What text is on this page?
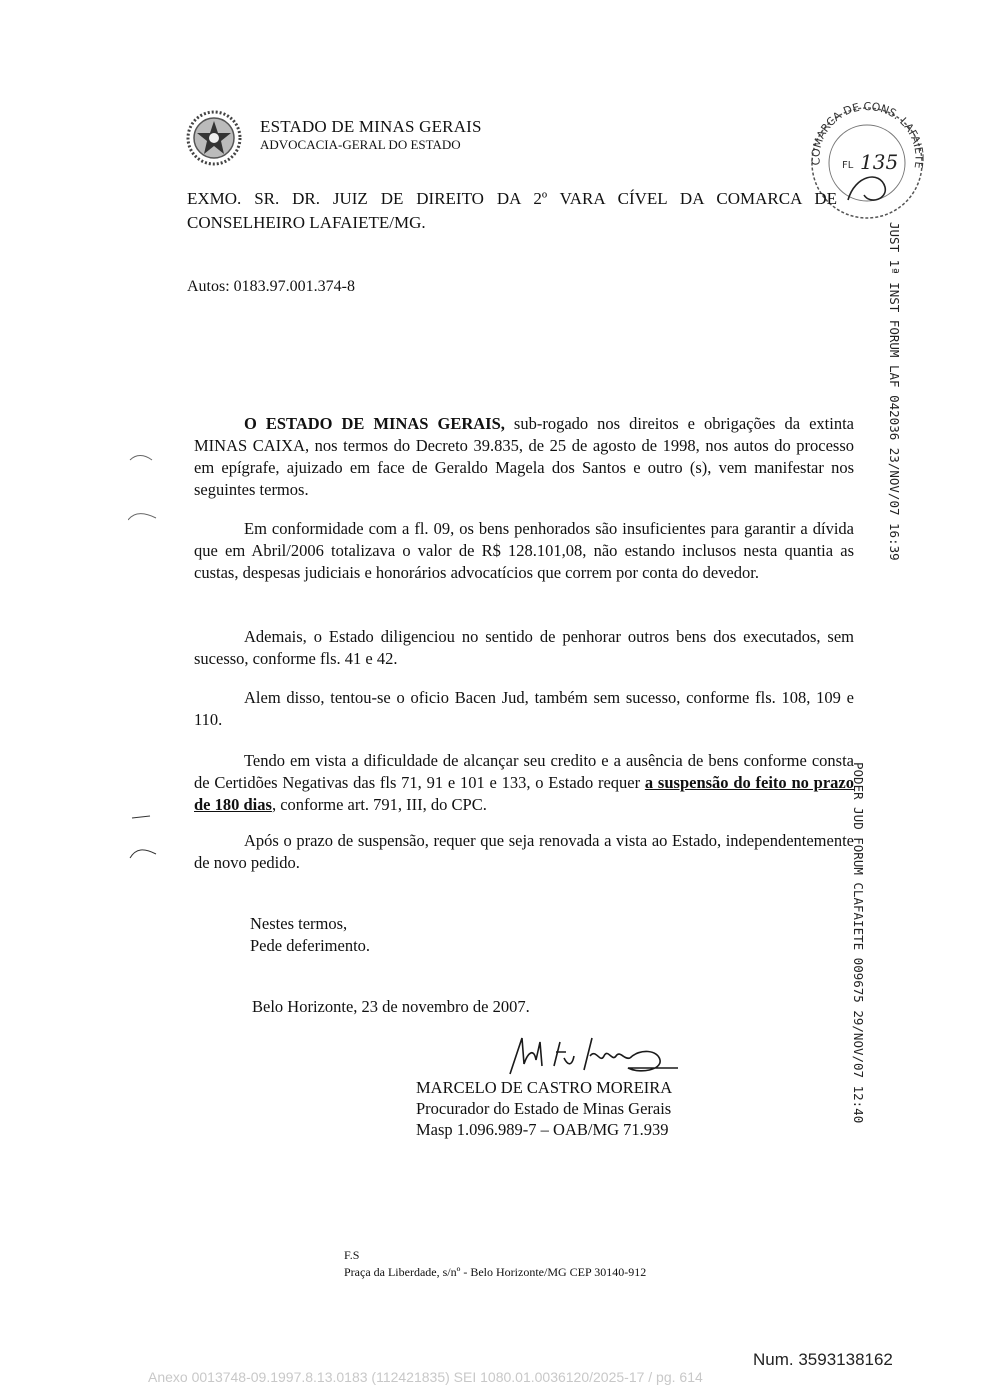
ESTADO DE MINAS GERAIS
ADVOCACIA-GERAL DO ESTADO
COMARCA DE CONS. LAFAIETE
FL 135
EXMO. SR. DR. JUIZ DE DIREITO DA 2º VARA CÍVEL DA COMARCA DE
CONSELHEIRO LAFAIETE/MG.
Autos: 0183.97.001.374-8	JUST 1ª INST FORUM LAF 042036 23/NOV/07 16:39
PODER JUD FORUM CLAFAIETE 009675 29/NOV/07 12:40
O ESTADO DE MINAS GERAIS, sub-rogado nos direitos e obrigações da extinta MINAS CAIXA, nos termos do Decreto 39.835, de 25 de agosto de 1998, nos autos do processo em epígrafe, ajuizado em face de Geraldo Magela dos Santos e outro (s), vem manifestar nos seguintes termos.
Em conformidade com a fl. 09, os bens penhorados são insuficientes para garantir a dívida que em Abril/2006 totalizava o valor de R$ 128.101,08, não estando inclusos nesta quantia as custas, despesas judiciais e honorários advocatícios que correm por conta do devedor.
Ademais, o Estado diligenciou no sentido de penhorar outros bens dos executados, sem sucesso, conforme fls. 41 e 42.
Alem disso, tentou-se o oficio Bacen Jud, também sem sucesso, conforme fls. 108, 109 e 110.
Tendo em vista a dificuldade de alcançar seu credito e a ausência de bens conforme consta de Certidões Negativas das fls 71, 91 e 101 e 133, o Estado requer a suspensão do feito no prazo de 180 dias, conforme art. 791, III, do CPC.
Após o prazo de suspensão, requer que seja renovada a vista ao Estado, independentemente de novo pedido.
Nestes termos,
Pede deferimento.
Belo Horizonte, 23 de novembro de 2007.
MARCELO DE CASTRO MOREIRA
Procurador do Estado de Minas Gerais
Masp 1.096.989-7 – OAB/MG 71.939
F.S
Praça da Liberdade, s/nº - Belo Horizonte/MG CEP 30140-912
Num. 3593138162
Anexo 0013748-09.1997.8.13.0183 (112421835) SEI 1080.01.0036120/2025-17 / pg. 614
